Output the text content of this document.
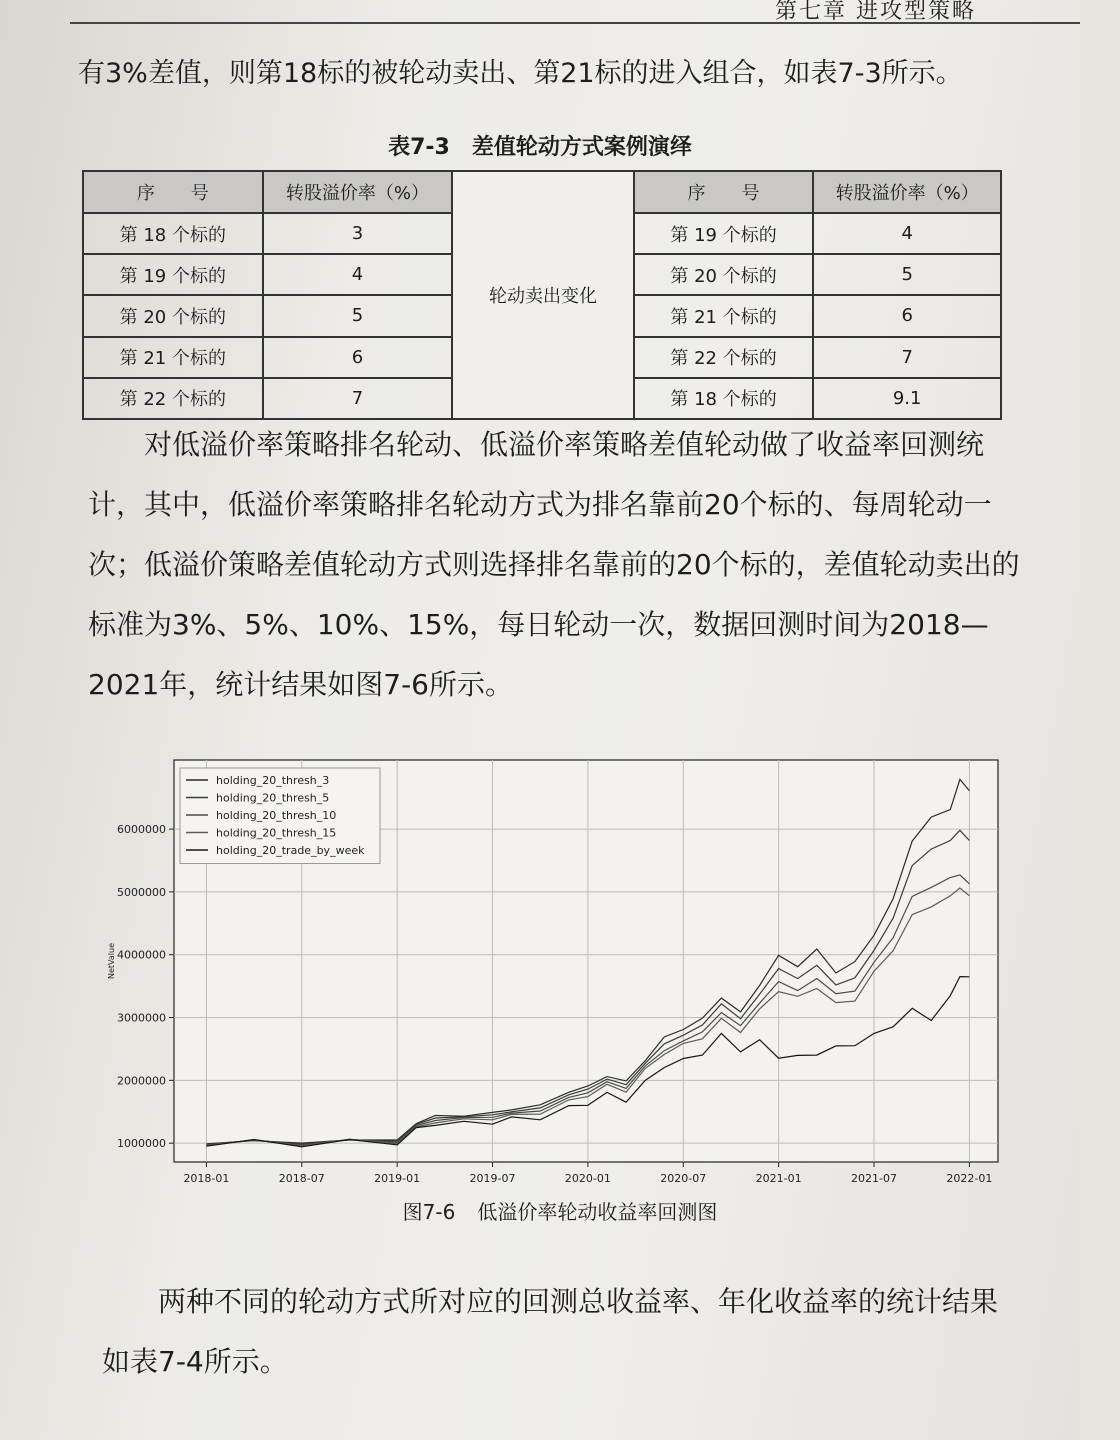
第七章 进攻型策略

有3%差值，则第18标的被轮动卖出、第21标的进入组合，如表7-3所示。

表7-3 差值轮动方式案例演绎
序　　号	转股溢价率（%）	轮动卖出变化	序　　号	转股溢价率（%）
第 18 个标的	3		第 19 个标的	4
第 19 个标的	4		第 20 个标的	5
第 20 个标的	5		第 21 个标的	6
第 21 个标的	6		第 22 个标的	7
第 22 个标的	7		第 18 个标的	9.1

对低溢价率策略排名轮动、低溢价率策略差值轮动做了收益率回测统计，其中，低溢价率策略排名轮动方式为排名靠前20个标的、每周轮动一次；低溢价策略差值轮动方式则选择排名靠前的20个标的，差值轮动卖出的标准为3%、5%、10%、15%，每日轮动一次，数据回测时间为2018—2021年，统计结果如图7-6所示。

2018-01	2018-07	2019-01	2019-07	2020-01	2020-07	2021-01	2021-07	2022-01
1000000
2000000
3000000
4000000
5000000
6000000
NetValue
holding_20_thresh_3
holding_20_thresh_5
holding_20_thresh_10
holding_20_thresh_15
holding_20_trade_by_week
图7-6 低溢价率轮动收益率回测图

两种不同的轮动方式所对应的回测总收益率、年化收益率的统计结果如表7-4所示。
